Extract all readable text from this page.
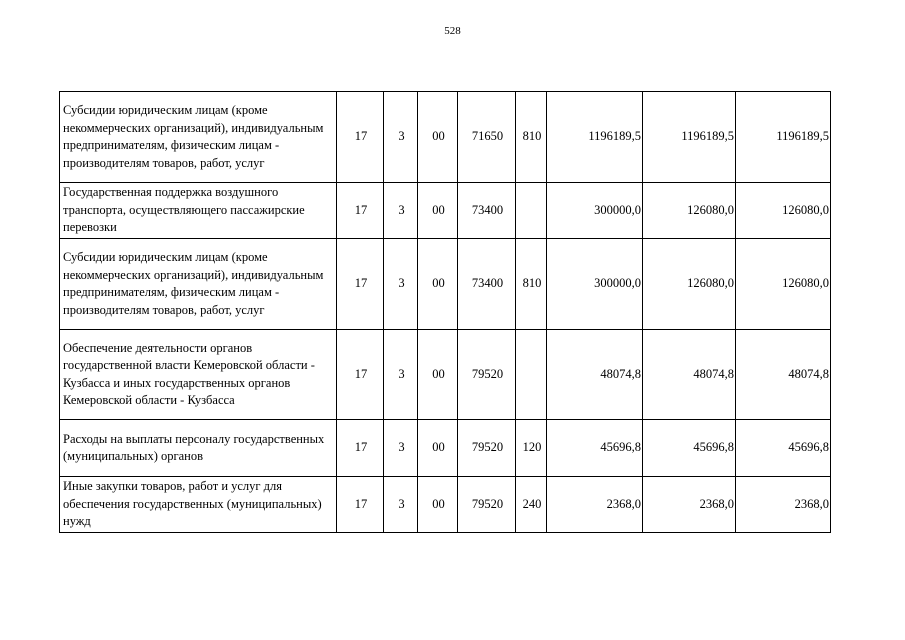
528
Субсидии юридическим лицам (кроме некоммерческих организаций), индивидуальным предпринимателям, физическим лицам - производителям товаров, работ, услуг	17	3	00	71650	810	1196189,5	1196189,5	1196189,5
Государственная поддержка воздушного транспорта, осуществляющего пассажирские перевозки	17	3	00	73400		300000,0	126080,0	126080,0
Субсидии юридическим лицам (кроме некоммерческих организаций), индивидуальным предпринимателям, физическим лицам - производителям товаров, работ, услуг	17	3	00	73400	810	300000,0	126080,0	126080,0
Обеспечение деятельности органов государственной власти Кемеровской области - Кузбасса и иных государственных органов Кемеровской области - Кузбасса	17	3	00	79520		48074,8	48074,8	48074,8
Расходы на выплаты персоналу государственных (муниципальных) органов	17	3	00	79520	120	45696,8	45696,8	45696,8
Иные закупки товаров, работ и услуг для обеспечения государственных (муниципальных) нужд	17	3	00	79520	240	2368,0	2368,0	2368,0
